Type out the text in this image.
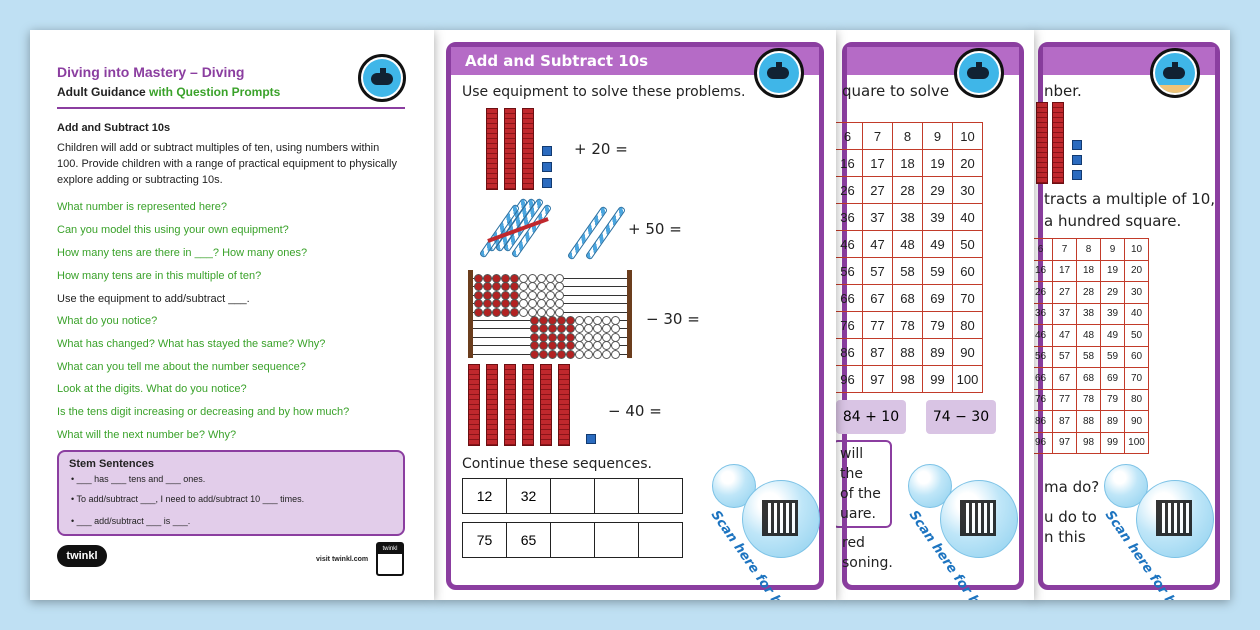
nber.
tracts a multiple of 10,
a hundred square.
6	7	8	9	10
16	17	18	19	20
26	27	28	29	30
36	37	38	39	40
46	47	48	49	50
56	57	58	59	60
66	67	68	69	70
76	77	78	79	80
86	87	88	89	90
96	97	98	99	100
ma do?
u do to
n this
quare to solve
6	7	8	9	10
16	17	18	19	20
26	27	28	29	30
36	37	38	39	40
46	47	48	49	50
56	57	58	59	60
66	67	68	69	70
76	77	78	79	80
86	87	88	89	90
96	97	98	99	100
84 + 10	74 − 30
will
the
of the
uare.
red
soning.
Add and Subtract 10s
Use equipment to solve these problems.
+ 20 =
+ 50 =
− 30 =
− 40 =
Continue these sequences.
12	32
75	65
Diving into Mastery – Diving
Adult Guidance with Question Prompts
Add and Subtract 10s
Children will add or subtract multiples of ten, using numbers within 100. Provide children with a range of practical equipment to physically explore adding or subtracting 10s.
What number is represented here?
Can you model this using your own equipment?
How many tens are there in ___? How many ones?
How many tens are in this multiple of ten?
Use the equipment to add/subtract ___.
What do you notice?
What has changed? What has stayed the same? Why?
What can you tell me about the number sequence?
Look at the digits. What do you notice?
Is the tens digit increasing or decreasing and by how much?
What will the next number be? Why?
Stem Sentences
• ___ has ___ tens and ___ ones.
• To add/subtract ___, I need to add/subtract 10 ___ times.
• ___ add/subtract ___ is ___.
twinkl	visit twinkl.com
twinkl
